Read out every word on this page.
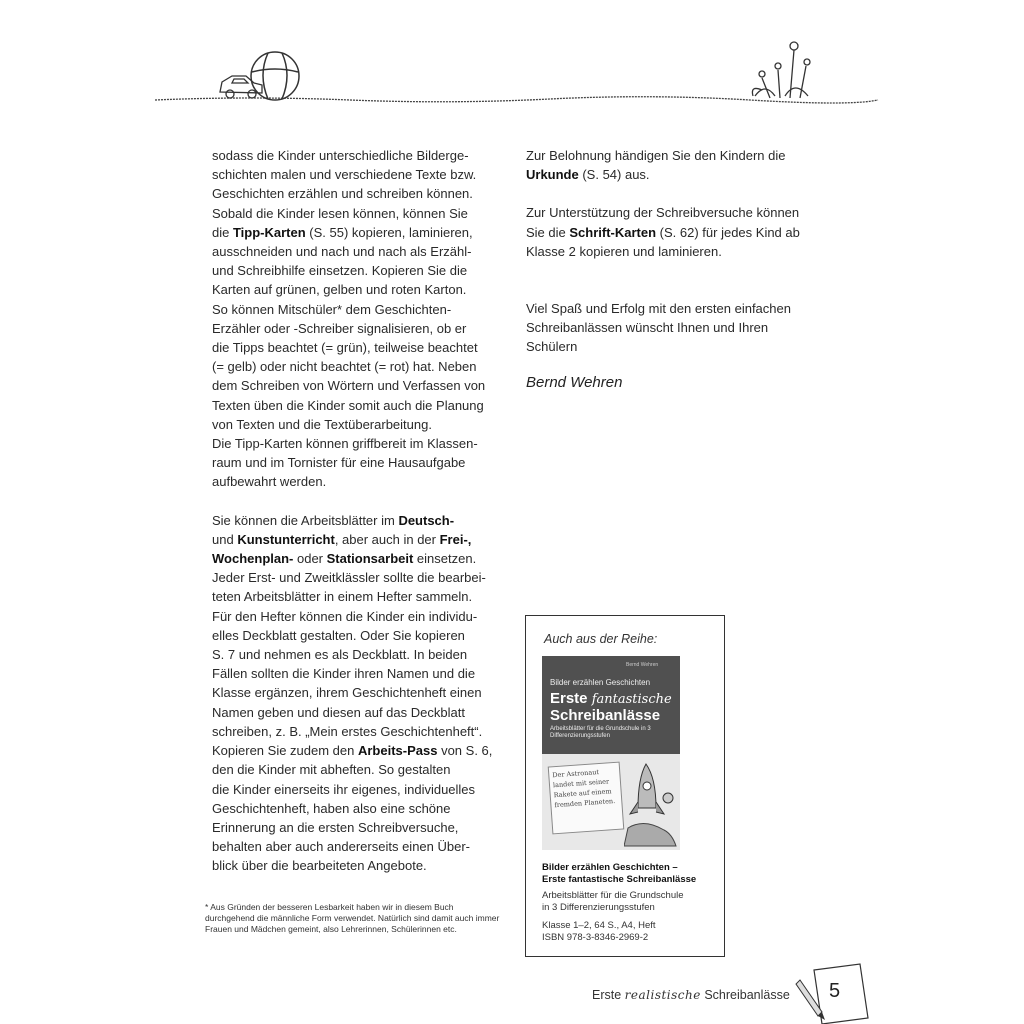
sodass die Kinder unterschiedliche Bilderge-
schichten malen und verschiedene Texte bzw.
Geschichten erzählen und schreiben können.
Sobald die Kinder lesen können, können Sie
die Tipp-Karten (S. 55) kopieren, laminieren,
ausschneiden und nach und nach als Erzähl-
und Schreibhilfe einsetzen. Kopieren Sie die
Karten auf grünen, gelben und roten Karton.
So können Mitschüler* dem Geschichten-
Erzähler oder -Schreiber signalisieren, ob er
die Tipps beachtet (= grün), teilweise beachtet
(= gelb) oder nicht beachtet (= rot) hat. Neben
dem Schreiben von Wörtern und Verfassen von
Texten üben die Kinder somit auch die Planung
von Texten und die Textüberarbeitung.
Die Tipp-Karten können griffbereit im Klassen-
raum und im Tornister für eine Hausaufgabe
aufbewahrt werden.

Sie können die Arbeitsblätter im Deutsch-
und Kunstunterricht, aber auch in der Frei-,
Wochenplan- oder Stationsarbeit einsetzen.
Jeder Erst- und Zweitklässler sollte die bearbei-
teten Arbeitsblätter in einem Hefter sammeln.
Für den Hefter können die Kinder ein individu-
elles Deckblatt gestalten. Oder Sie kopieren
S. 7 und nehmen es als Deckblatt. In beiden
Fällen sollten die Kinder ihren Namen und die
Klasse ergänzen, ihrem Geschichtenheft einen
Namen geben und diesen auf das Deckblatt
schreiben, z. B. „Mein erstes Geschichtenheft“.
Kopieren Sie zudem den Arbeits-Pass von S. 6,
den die Kinder mit abheften. So gestalten
die Kinder einerseits ihr eigenes, individuelles
Geschichtenheft, haben also eine schöne
Erinnerung an die ersten Schreibversuche,
behalten aber auch andererseits einen Über-
blick über die bearbeiteten Angebote.

* Aus Gründen der besseren Lesbarkeit haben wir in diesem Buch durchgehend die männliche Form verwendet. Natürlich sind damit auch immer Frauen und Mädchen gemeint, also Lehrerinnen, Schülerinnen etc.

Zur Belohnung händigen Sie den Kindern die
Urkunde (S. 54) aus.

Zur Unterstützung der Schreibversuche können
Sie die Schrift-Karten (S. 62) für jedes Kind ab
Klasse 2 kopieren und laminieren.

Viel Spaß und Erfolg mit den ersten einfachen
Schreibanlässen wünscht Ihnen und Ihren
Schülern

Bernd Wehren
Auch aus der Reihe:
Bernd Wehren
Bilder erzählen Geschichten
Erste fantastische
Schreibanlässe
Arbeitsblätter für die Grundschule in 3 Differenzierungsstufen
Der Astronaut landet mit seiner Rakete auf einem fremden Planeten.
Bilder erzählen Geschichten –
Erste fantastische Schreibanlässe
Arbeitsblätter für die Grundschule
in 3 Differenzierungsstufen
Klasse 1–2, 64 S., A4, Heft
ISBN 978-3-8346-2969-2
Erste realistische Schreibanlässe 5
